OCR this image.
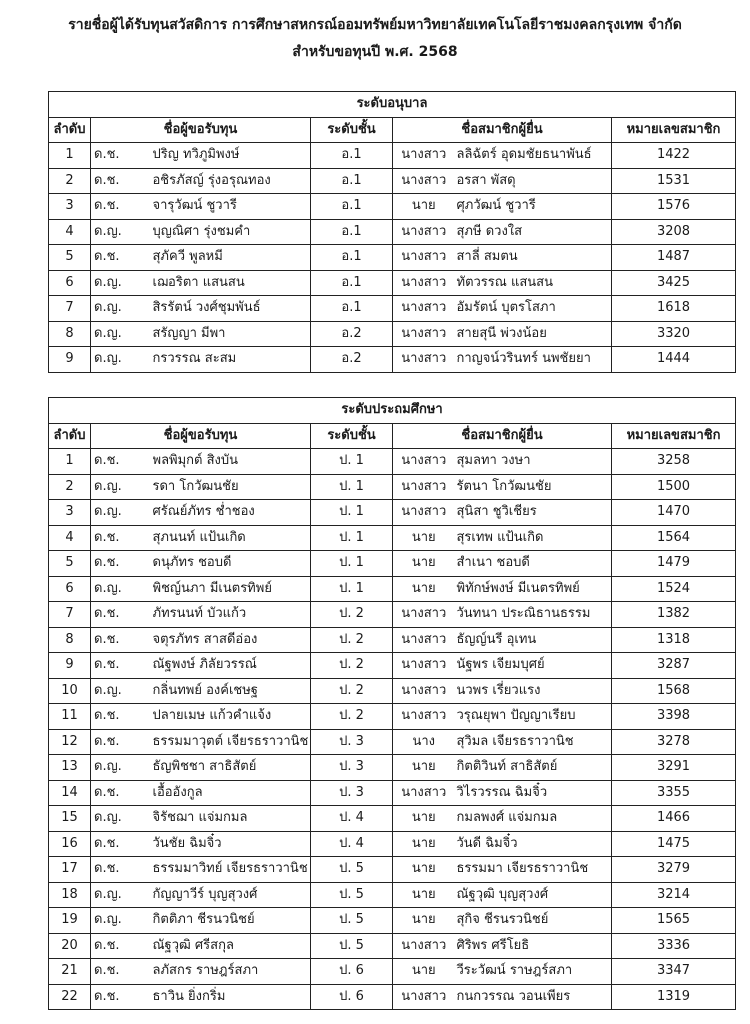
รายชื่อผู้ได้รับทุนสวัสดิการ การศึกษาสหกรณ์ออมทรัพย์มหาวิทยาลัยเทคโนโลยีราชมงคลกรุงเทพ จำกัด
สำหรับขอทุนปี พ.ศ. 2568
ระดับอนุบาล						
ลำดับ	ชื่อผู้ขอรับทุน		ระดับชั้น	ชื่อสมาชิกผู้ยื่น		หมายเลขสมาชิก
1	ด.ช.	ปริญ ทวิภูมิพงษ์	อ.1	นางสาว	ลลิฉัตร์ อุดมชัยธนาพันธ์	1422
2	ด.ช.	อชิรภัสญ์ รุ่งอรุณทอง	อ.1	นางสาว	อรสา พัสดุ	1531
3	ด.ช.	จารุวัฒน์ ชูวารี	อ.1	นาย	ศุภวัฒน์ ชูวารี	1576
4	ด.ญ.	บุญณิศา รุ่งชมคำ	อ.1	นางสาว	สุภษี ดวงใส	3208
5	ด.ช.	สุภัควี พูลหมี	อ.1	นางสาว	สาลี่ สมตน	1487
6	ด.ญ.	เฌอริตา แสนสน	อ.1	นางสาว	ทัตวรรณ แสนสน	3425
7	ด.ญ.	สิรรัตน์ วงศ์ชุมพันธ์	อ.1	นางสาว	อัมรัตน์ บุตรโสภา	1618
8	ด.ญ.	สรัญญา มีพา	อ.2	นางสาว	สายสุนี พ่วงน้อย	3320
9	ด.ญ.	กรวรรณ สะสม	อ.2	นางสาว	กาญจน์วรินทร์ นพชัยยา	1444
ระดับประถมศึกษา						
ลำดับ	ชื่อผู้ขอรับทุน		ระดับชั้น	ชื่อสมาชิกผู้ยื่น		หมายเลขสมาชิก
1	ด.ช.	พลพิมุกต์ สิงบัน	ป. 1	นางสาว	สุมลทา วงษา	3258
2	ด.ญ.	รดา โกวัฒนชัย	ป. 1	นางสาว	รัตนา โกวัฒนชัย	1500
3	ด.ญ.	ศรัณย์ภัทร ช่ำชอง	ป. 1	นางสาว	สุนิสา ชูวิเชียร	1470
4	ด.ช.	สุภนนท์ แป้นเกิด	ป. 1	นาย	สุรเทพ แป้นเกิด	1564
5	ด.ช.	ดนุภัทร ชอบดี	ป. 1	นาย	สำเนา ชอบดี	1479
6	ด.ญ.	พิชญ์นภา มีเนตรทิพย์	ป. 1	นาย	พิทักษ์พงษ์ มีเนตรทิพย์	1524
7	ด.ช.	ภัทรนนท์ บัวแก้ว	ป. 2	นางสาว	วันทนา ประณิธานธรรม	1382
8	ด.ช.	จตุรภัทร สาสดีอ่อง	ป. 2	นางสาว	ธัญญ์นรี อุเทน	1318
9	ด.ช.	ณัฐพงษ์ ภิลัยวรรณ์	ป. 2	นางสาว	นัฐพร เจียมบุศย์	3287
10	ด.ญ.	กลิ่นทพย์ องค์เชษฐ	ป. 2	นางสาว	นวพร เรี่ยวแรง	1568
11	ด.ช.	ปลายเมษ แก้วคำแจ้ง	ป. 2	นางสาว	วรุณยุพา ปัญญาเรียบ	3398
12	ด.ช.	ธรรมมาวุตต์ เจียรธราวานิช	ป. 3	นาง	สุวิมล เจียรธราวานิช	3278
13	ด.ญ.	ธัญพิชชา สาธิสัตย์	ป. 3	นาย	กิตติวินท์ สาธิสัตย์	3291
14	ด.ช.	เอื้ออังกูล	ป. 3	นางสาว	วิไรวรรณ ฉิมจิ๋ว	3355
15	ด.ญ.	จิรัชฌา แจ่มกมล	ป. 4	นาย	กมลพงศ์ แจ่มกมล	1466
16	ด.ช.	วันชัย ฉิมจิ๋ว	ป. 4	นาย	วันดี ฉิมจิ๋ว	1475
17	ด.ช.	ธรรมมาวิทย์ เจียรธราวานิช	ป. 5	นาย	ธรรมมา เจียรธราวานิช	3279
18	ด.ญ.	กัญญาวีร์ บุญสุวงศ์	ป. 5	นาย	ณัฐวุฒิ บุญสุวงศ์	3214
19	ด.ญ.	กิตติภา ชีรนวนิชย์	ป. 5	นาย	สุกิจ ชีรนรวนิชย์	1565
20	ด.ช.	ณัฐวุฒิ ศรีสกุล	ป. 5	นางสาว	ศิริพร ศรีโยธิ	3336
21	ด.ช.	ลภัสกร ราษฎร์สภา	ป. 6	นาย	วีระวัฒน์ ราษฎร์สภา	3347
22	ด.ช.	ธาวิน ยิ่งกริ่ม	ป. 6	นางสาว	กนกวรรณ วอนเพียร	1319
